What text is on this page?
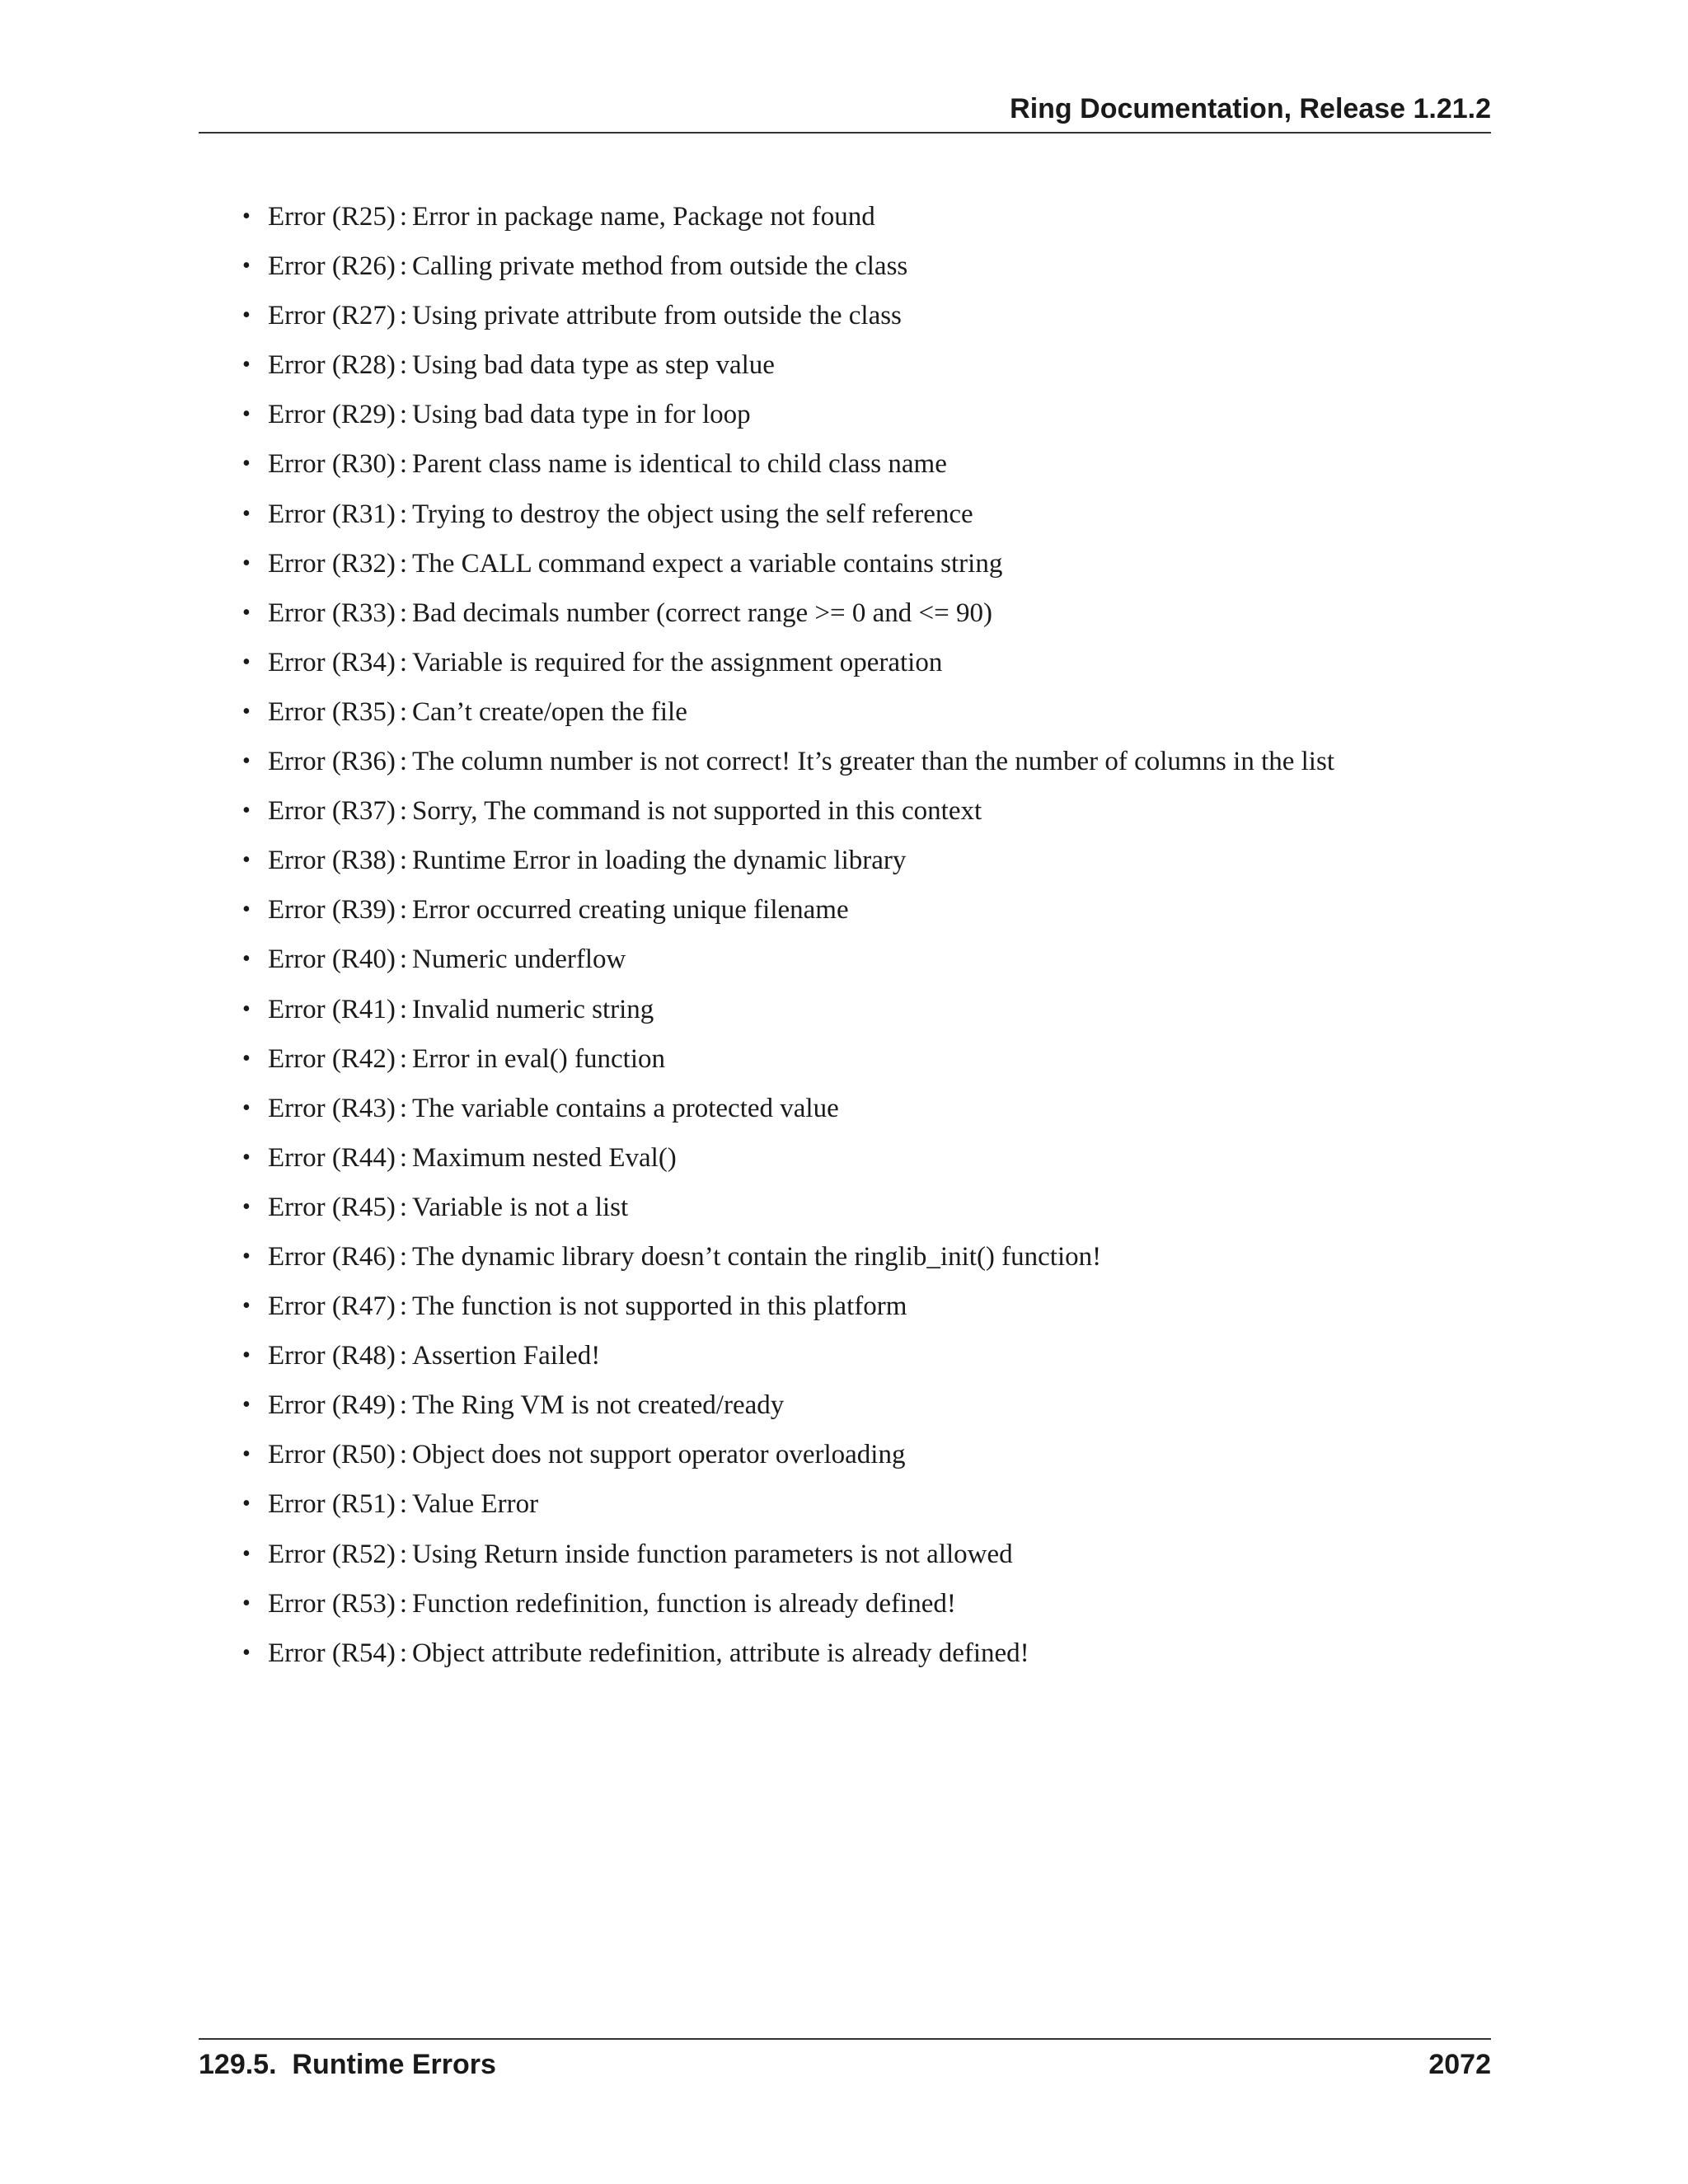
Ring Documentation, Release 1.21.2
• Error (R25) : Error in package name, Package not found
• Error (R26) : Calling private method from outside the class
• Error (R27) : Using private attribute from outside the class
• Error (R28) : Using bad data type as step value
• Error (R29) : Using bad data type in for loop
• Error (R30) : Parent class name is identical to child class name
• Error (R31) : Trying to destroy the object using the self reference
• Error (R32) : The CALL command expect a variable contains string
• Error (R33) : Bad decimals number (correct range >= 0 and <= 90)
• Error (R34) : Variable is required for the assignment operation
• Error (R35) : Can’t create/open the file
• Error (R36) : The column number is not correct! It’s greater than the number of columns in the list
• Error (R37) : Sorry, The command is not supported in this context
• Error (R38) : Runtime Error in loading the dynamic library
• Error (R39) : Error occurred creating unique filename
• Error (R40) : Numeric underflow
• Error (R41) : Invalid numeric string
• Error (R42) : Error in eval() function
• Error (R43) : The variable contains a protected value
• Error (R44) : Maximum nested Eval()
• Error (R45) : Variable is not a list
• Error (R46) : The dynamic library doesn’t contain the ringlib_init() function!
• Error (R47) : The function is not supported in this platform
• Error (R48) : Assertion Failed!
• Error (R49) : The Ring VM is not created/ready
• Error (R50) : Object does not support operator overloading
• Error (R51) : Value Error
• Error (R52) : Using Return inside function parameters is not allowed
• Error (R53) : Function redefinition, function is already defined!
• Error (R54) : Object attribute redefinition, attribute is already defined!
129.5.  Runtime Errors	2072
